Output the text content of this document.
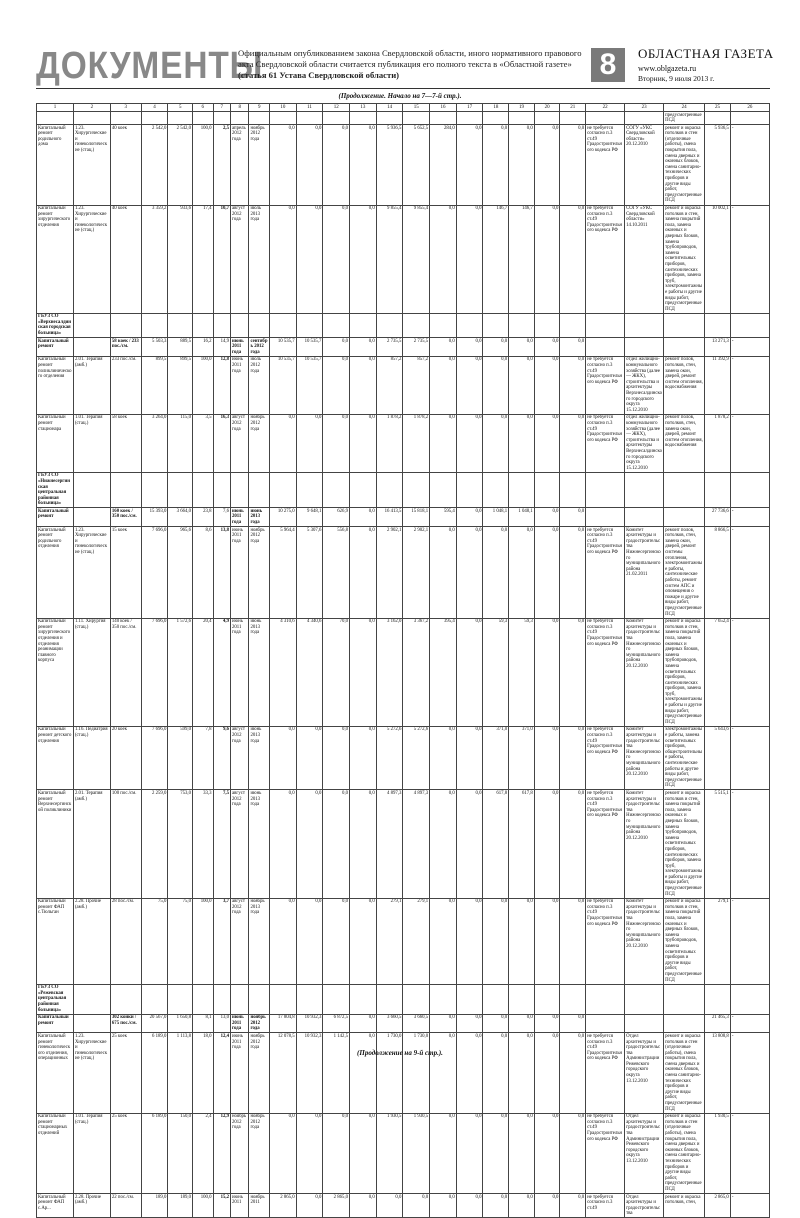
ДОКУМЕНТЫ
Официальным опубликованием закона Свердловской области, иного нормативного правового акта Свердловской области считается публикация его полного текста в «Областной газете» (статья 61 Устава Свердловской области)	8	ОБЛАСТНАЯ ГАЗЕТА
www.oblgazeta.ru
Вторник, 9 июля 2013 г.
(Продолжение. Начало на 7—7-й стр.).
1	2	3	4	5	6	7	8	9	10	11	12	13	14	15	16	17	18	19	20	21	22	23	24	25	26
																							предусмотренные ПСД		
Капитальный ремонт родильного дома	1.23. Хирургические и гинекологические (стац.)	40 коек	2 542,0	2 542,0	100,0	2,5	апрель 2012 года	ноябрь 2012 года	0,0	0,0	0,0	0,0	5 936,5	5 652,5	284,0	0,0	0,0	0,0	0,0	0,0	не требуется согласно п.3 ст.49 Градостроительного кодекса РФ	СОГУ «УКС Свердловской области» 20.12.2010	ремонт и окраска потолков и стен (отделочные работы), смена покрытия пола, смена дверных и оконных блоков, смена санитарно-технических приборов и другие виды работ, предусмотренные ПСД	5 936,5	-
Капитальный ремонт хирургического отделения	1.23. Хирургические и гинекологические (стац.)	40 коек	3 359,2	933,6	17,4	10,7	август 2012 года	июль 2013 года	0,0	0,0	0,0	0,0	9 855,4	9 855,4	0,0	0,0	146,7	146,7	0,0	0,0	не требуется согласно п.3 ст.49 Градостроительного кодекса РФ	СОГУ «УКС Свердловской области» 14.10.2011	ремонт и окраска потолков и стен, замена покрытий пола, замена оконных и дверных блоков, замена трубопроводов, замена осветительных приборов, сантехнических приборов, замена труб, электромонтажные работы и другие виды работ, предусмотренные ПСД	10 002,1	-
ГБУЗ СО «Верхнесалдинская городская больница»																									
Капитальный ремонт		58 коек / 233 пос./см.	5 503,3	889,5	16,2	14,9	июнь 2011 года	сентябрь 2012 года	10 535,7	10 535,7	0,0	0,0	2 735,5	2 735,5	0,0	0,0	0,0	0,0	0,0	0,0				13 271,3	-
Капитальный ремонт поликлинического отделения	2.01. Терапия (амб.)	233 пос./см.	899,5	899,5	100,0	12,8	июнь 2011 года	июль 2012 года	10 535,7	10 535,7	0,0	0,0	857,2	857,2	0,0	0,0	0,0	0,0	0,0	0,0	не требуется согласно п.3 ст.49 Градостроительного кодекса РФ	отдел жилищно-коммунального хозяйства (далее — ЖКХ), строительства и архитектуры Верхнесалдинского городского округа 15.12.2010	ремонт полов, потолков, стен, замена окон, дверей, ремонт систем отопления, водоснабжения	11 392,9	-
Капитальный ремонт стационара	1.01. Терапия (стац.)	58 коек	3 264,0	115,0	3,5	16,3	август 2012 года	ноябрь 2012 года	0,0	0,0	0,0	0,0	1 878,2	1 878,2	0,0	0,0	0,0	0,0	0,0	0,0	не требуется согласно п.3 ст.49 Градостроительного кодекса РФ	отдел жилищно-коммунального хозяйства (далее — ЖКХ), строительства и архитектуры Верхнесалдинского городского округа 15.12.2010	ремонт полов, потолков, стен, замена окон, дверей, ремонт систем отопления, водоснабжения	1 878,2	-
ГБУЗ СО «Нижнесергинская центральная районная больница»																									
Капитальный ремонт		160 коек / 350 пос./см.	15 393,0	3 664,0	23,8	7,6	июнь 2011 года	июнь 2013 года	10 275,0	9 648,1	626,9	0,0	16 413,5	15 818,1	595,4	0,0	1 048,1	1 048,1	0,0	0,0				27 736,6	-
Капитальный ремонт родильного отделения	1.23. Хирургические и гинекологические (стац.)	15 коек	7 696,0	965,6	8,6	13,8	июнь 2011 года	ноябрь 2012 года	5 964,4	5 307,6	556,8	0,0	2 902,1	2 902,1	0,0	0,0	0,0	0,0	0,0	0,0	не требуется согласно п.3 ст.49 Градостроительного кодекса РФ	Комитет архитектуры и градостроительства Нижнесергинского муниципального района 21.02.2011	ремонт полов, потолков, стен, замена окон, дверей, ремонт системы отопления, электромонтажные работы, сантехнические работы, ремонт систем АПС и оповещения о пожаре и другие виды работ, предусмотренные ПСД	8 866,5	-
Капитальный ремонт хирургического отделения и отделения реанимации главного корпуса	1.11. Хирургия (стац.)	140 коек / 350 пос./см.	7 696,0	1 572,6	20,4	4,9	июнь 2011 года	июнь 2013 года	4 310,6	4 340,6	70,0	0,0	3 162,0	3 367,2	395,4	0,0	59,3	59,3	0,0	0,0	не требуется согласно п.3 ст.49 Градостроительного кодекса РФ	Комитет архитектуры и градостроительства Нижнесергинского муниципального района 20.12.2010	ремонт и окраска потолков и стен, замена покрытий пола, замена оконных и дверных блоков, замена трубопроводов, замена осветительных приборов, сантехнических приборов, замена труб, электромонтажные работы и другие виды работ, предусмотренные ПСД	7 652,4	-
Капитальный ремонт детского отделения	1.16. Педиатрия (стац.)	20 коек	7 696,0	599,0	7,8	9,6	август 2012 года	июнь 2013 года	0,0	0,0	0,0	0,0	5 272,6	5 272,6	0,0	0,0	371,0	371,0	0,0	0,0	не требуется согласно п.3 ст.49 Градостроительного кодекса РФ	Комитет архитектуры и градостроительства Нижнесергинского муниципального района 20.12.2010	электромонтажные работы, замена осветительных приборов, общестроительные работы, сантехнические работы и другие виды работ, предусмотренные ПСД	5 643,6	-
Капитальный ремонт Верхнесергинской поликлиники	2.01. Терапия (амб.)	100 пос./см.	2 259,0	753,0	33,3	7,5	август 2012 года	июнь 2013 года	0,0	0,0	0,0	0,0	4 897,3	4 897,3	0,0	0,0	617,8	617,8	0,0	0,0	не требуется согласно п.3 ст.49 Градостроительного кодекса РФ	Комитет архитектуры и градостроительства Нижнесергинского муниципального района 20.12.2010	ремонт и окраска потолков и стен, замена покрытий пола, замена оконных и дверных блоков, замена трубопроводов, замена осветительных приборов, сантехнических приборов, замена труб, электромонтажные работы и другие виды работ, предусмотренные ПСД	5 515,1	-
Капитальный ремонт ФАП с.Тюльган	2.28. Прочие (амб.)	28 пос./см.	75,0	75,0	100,0	3,7	август 2012 года	ноябрь 2013 года	0,0	0,0	0,0	0,0	279,1	279,1	0,0	0,0	0,0	0,0	0,0	0,0	не требуется согласно п.3 ст.49 Градостроительного кодекса РФ	Комитет архитектуры и градостроительства Нижнесергинского муниципального района 20.12.2010	ремонт и окраска потолков и стен, замена покрытий пола, замена оконных и дверных блоков, замена трубопроводов, замена осветительных приборов и другие виды работ, предусмотренные ПСД	279,1	-
ГБУЗ СО «Режевская центральная районная больница»																									
Капитальный ремонт		302 койки / 675 пос./см.	20 567,0	1 650,8	8,1	13,0	июнь 2011 года	ноябрь 2012 года	17 804,8	10 932,3	6 872,5	0,0	3 660,5	3 660,5	0,0	0,0	0,0	0,0	0,0	0,0				21 465,3	-
Капитальный ремонт гинекологического отделения, операционных	1.23. Хирургические и гинекологические (стац.)	25 коек	6 189,0	1 113,8	18,0	12,4	июнь 2011 года	ноябрь 2012 года	12 078,5	10 932,3	1 142,5	0,0	1 730,0	1 730,0	0,0	0,0	0,0	0,0	0,0	0,0	не требуется согласно п.3 ст.49 Градостроительного кодекса РФ	Отдел архитектуры и градостроительства Администрации Режевского городского округа 13.12.2010	ремонт и окраска потолков и стен (отделочные работы), смена покрытия пола, смена дверных и оконных блоков, смена санитарно-технических приборов и другие виды работ, предусмотренные ПСД	13 808,8	-
Капитальный ремонт стационарных отделений	1.01. Терапия (стац.)	25 коек	6 189,0	150,0	2,4	12,9	ноябрь 2012 года	ноябрь 2012 года	0,0	0,0	0,0	0,0	1 930,5	1 930,5	0,0	0,0	0,0	0,0	0,0	0,0	не требуется согласно п.3 ст.49 Градостроительного кодекса РФ	Отдел архитектуры и градостроительства Администрации Режевского городского округа 13.12.2010	ремонт и окраска потолков и стен (отделочные работы), смена покрытия пола, смена дверных и оконных блоков, смена санитарно-технических приборов и другие виды работ, предусмотренные ПСД	1 930,5	-
Капитальный ремонт ФАП с.Ар...	2.28. Прочие (амб.)	22 пос./см.	189,0	189,0	100,0	15,2	июнь 2011	ноябрь 2011	2 865,0	0,0	2 865,0	0,0	0,0	0,0	0,0	0,0	0,0	0,0	0,0	0,0	не требуется согласно п.3 ст.49	Отдел архитектуры и градостроительства	ремонт и окраска потолков, стен,	2 865,0	-
(Продолжение на 9-й стр.).
